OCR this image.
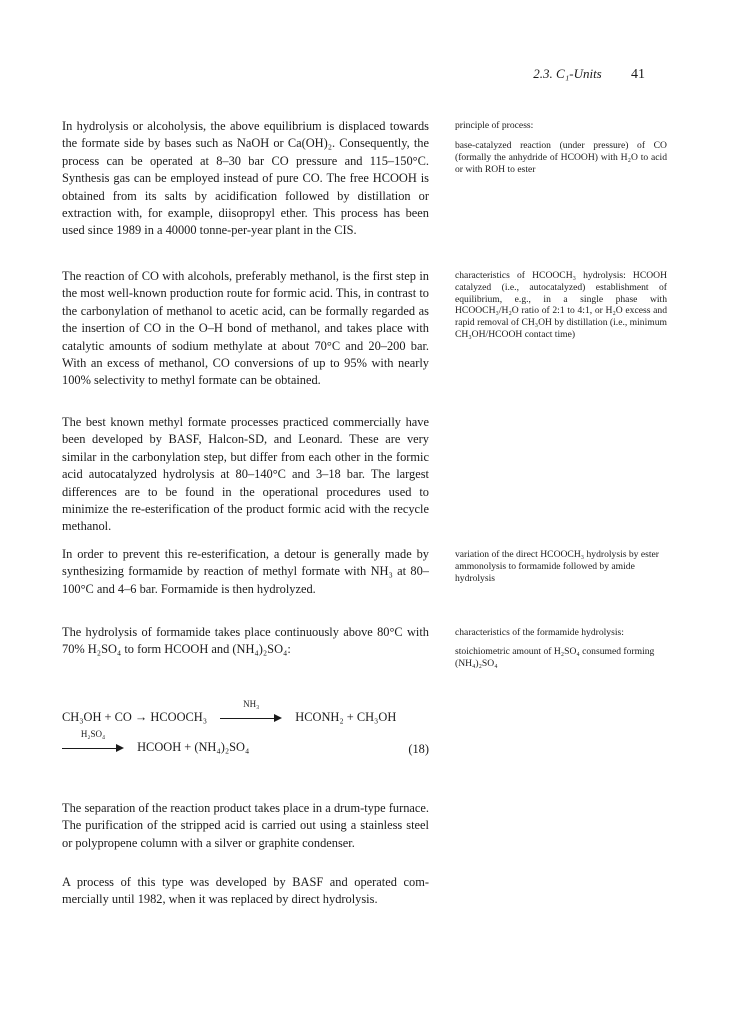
2.3. C₁-Units 41

In hydrolysis or alcoholysis, the above equilibrium is displaced towards the formate side by bases such as NaOH or Ca(OH)₂. Consequently, the process can be operated at 8–30 bar CO pressure and 115–150°C. Synthesis gas can be employed instead of pure CO. The free HCOOH is obtained from its salts by acidification followed by distillation or extraction with, for example, diisopropyl ether. This process has been used since 1989 in a 40000 tonne-per-year plant in the CIS.

The reaction of CO with alcohols, preferably methanol, is the first step in the most well-known production route for formic acid. This, in contrast to the carbonylation of methanol to acetic acid, can be formally regarded as the insertion of CO in the O–H bond of methanol, and takes place with catalytic amounts of sodium methylate at about 70°C and 20–200 bar. With an excess of methanol, CO conversions of up to 95% with nearly 100% selectivity to methyl formate can be obtained.

The best known methyl formate processes practiced commercially have been developed by BASF, Halcon-SD, and Leonard. These are very similar in the carbonylation step, but differ from each other in the formic acid autocatalyzed hydrolysis at 80–140°C and 3–18 bar. The largest differences are to be found in the operational procedures used to minimize the re-esterification of the product formic acid with the recycle methanol.

In order to prevent this re-esterification, a detour is generally made by synthesizing formamide by reaction of methyl formate with NH₃ at 80–100°C and 4–6 bar. Formamide is then hydrolyzed.

The hydrolysis of formamide takes place continuously above 80°C with 70% H₂SO₄ to form HCOOH and (NH₄)₂SO₄:

The separation of the reaction product takes place in a drum-type furnace. The purification of the stripped acid is carried out using a stainless steel or polypropene column with a silver or graphite condenser.

A process of this type was developed by BASF and operated commercially until 1982, when it was replaced by direct hydrolysis.

CH₃OH + CO → HCOOCH₃
NH₃
HCONH₂ + CH₃OH
H₂SO₄
HCOOH + (NH₄)₂SO₄	(18)

principle of process:

base-catalyzed reaction (under pressure) of CO (formally the anhydride of HCOOH) with H₂O to acid or with ROH to ester

characteristics of HCOOCH₃ hydrolysis: HCOOH catalyzed (i.e., autocatalyzed) establishment of equilibrium, e.g., in a single phase with HCOOCH₃/H₂O ratio of 2:1 to 4:1, or H₂O excess and rapid removal of CH₃OH by distillation (i.e., minimum CH₃OH/HCOOH contact time)

variation of the direct HCOOCH₃ hydrolysis by ester ammonolysis to formamide followed by amide hydrolysis

characteristics of the formamide hydrolysis:

stoichiometric amount of H₂SO₄ consumed forming (NH₄)₂SO₄
